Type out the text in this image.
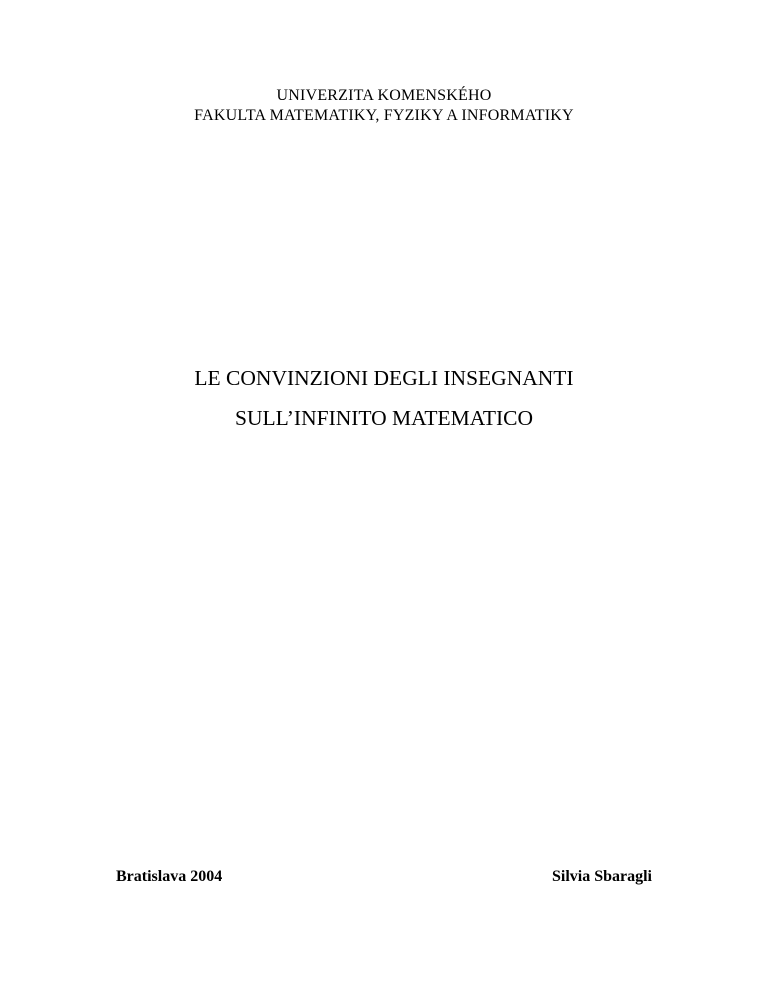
UNIVERZITA KOMENSKÉHO
FAKULTA MATEMATIKY, FYZIKY A INFORMATIKY
LE CONVINZIONI DEGLI INSEGNANTI
SULL’INFINITO MATEMATICO
Bratislava 2004	Silvia Sbaragli
